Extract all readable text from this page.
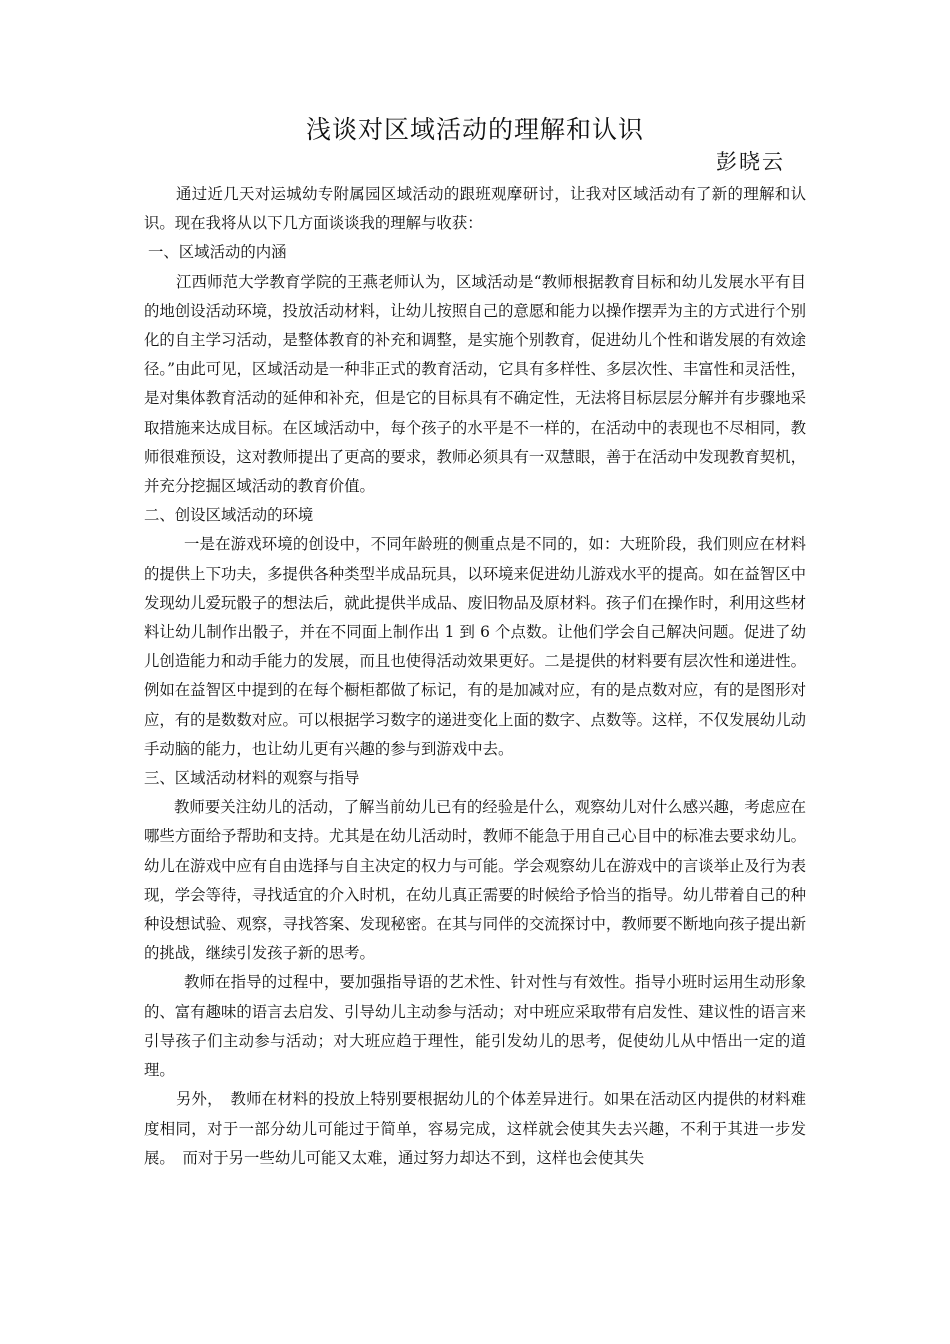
浅谈对区域活动的理解和认识
彭晓云

通过近几天对运城幼专附属园区域活动的跟班观摩研讨，让我对区域活动有了新的理解和认识。现在我将从以下几方面谈谈我的理解与收获：

一、区域活动的内涵

江西师范大学教育学院的王燕老师认为，区域活动是“教师根据教育目标和幼儿发展水平有目的地创设活动环境，投放活动材料，让幼儿按照自己的意愿和能力以操作摆弄为主的方式进行个别化的自主学习活动，是整体教育的补充和调整，是实施个别教育，促进幼儿个性和谐发展的有效途径。”由此可见，区域活动是一种非正式的教育活动，它具有多样性、多层次性、丰富性和灵活性，是对集体教育活动的延伸和补充，但是它的目标具有不确定性，无法将目标层层分解并有步骤地采取措施来达成目标。在区域活动中，每个孩子的水平是不一样的，在活动中的表现也不尽相同，教师很难预设，这对教师提出了更高的要求，教师必须具有一双慧眼，善于在活动中发现教育契机，并充分挖掘区域活动的教育价值。

二、创设区域活动的环境

一是在游戏环境的创设中，不同年龄班的侧重点是不同的，如：大班阶段，我们则应在材料的提供上下功夫，多提供各种类型半成品玩具，以环境来促进幼儿游戏水平的提高。如在益智区中发现幼儿爱玩骰子的想法后，就此提供半成品、废旧物品及原材料。孩子们在操作时，利用这些材料让幼儿制作出骰子，并在不同面上制作出 1 到 6 个点数。让他们学会自己解决问题。促进了幼儿创造能力和动手能力的发展，而且也使得活动效果更好。二是提供的材料要有层次性和递进性。例如在益智区中提到的在每个橱柜都做了标记，有的是加减对应，有的是点数对应，有的是图形对应，有的是数数对应。可以根据学习数字的递进变化上面的数字、点数等。这样，不仅发展幼儿动手动脑的能力，也让幼儿更有兴趣的参与到游戏中去。

三、区域活动材料的观察与指导

教师要关注幼儿的活动，了解当前幼儿已有的经验是什么，观察幼儿对什么感兴趣，考虑应在哪些方面给予帮助和支持。尤其是在幼儿活动时，教师不能急于用自己心目中的标准去要求幼儿。幼儿在游戏中应有自由选择与自主决定的权力与可能。学会观察幼儿在游戏中的言谈举止及行为表现，学会等待，寻找适宜的介入时机，在幼儿真正需要的时候给予恰当的指导。幼儿带着自己的种种设想试验、观察，寻找答案、发现秘密。在其与同伴的交流探讨中，教师要不断地向孩子提出新的挑战，继续引发孩子新的思考。

教师在指导的过程中，要加强指导语的艺术性、针对性与有效性。指导小班时运用生动形象的、富有趣味的语言去启发、引导幼儿主动参与活动；对中班应采取带有启发性、建议性的语言来引导孩子们主动参与活动；对大班应趋于理性，能引发幼儿的思考，促使幼儿从中悟出一定的道理。

另外，　教师在材料的投放上特别要根据幼儿的个体差异进行。如果在活动区内提供的材料难度相同，对于一部分幼儿可能过于简单，容易完成，这样就会使其失去兴趣，不利于其进一步发展。　而对于另一些幼儿可能又太难，通过努力却达不到，这样也会使其失
